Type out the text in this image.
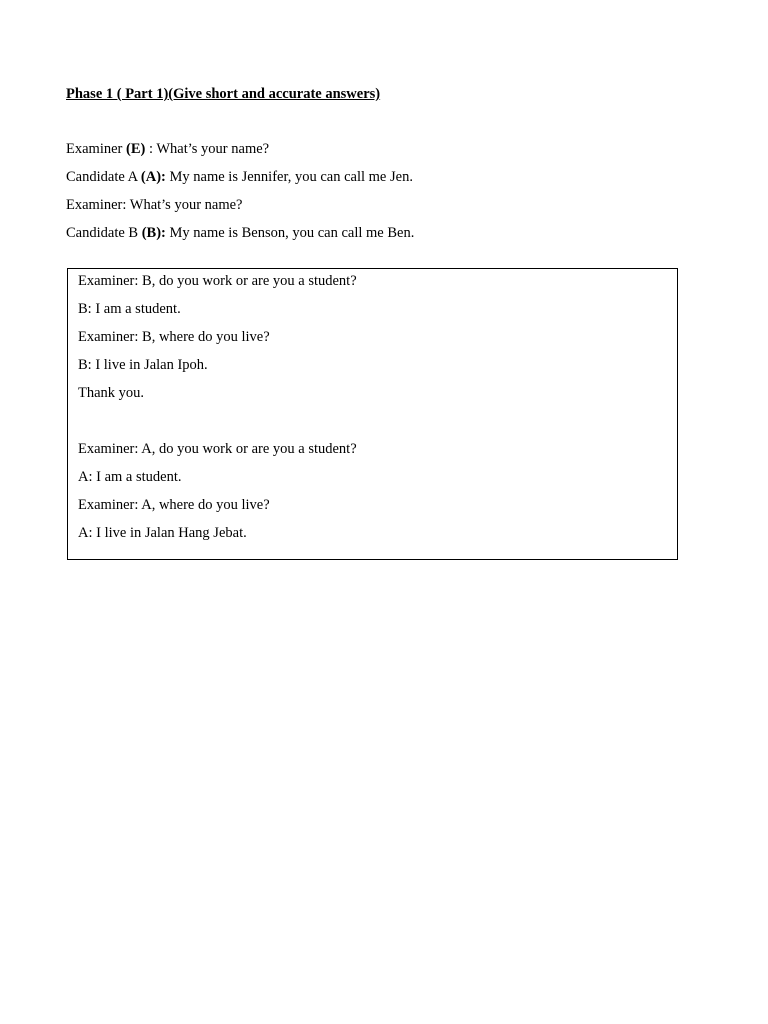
Phase 1 ( Part 1)(Give short and accurate answers)
Examiner (E) : What’s your name?
Candidate A (A): My name is Jennifer, you can call me Jen.
Examiner: What’s your name?
Candidate B (B): My name is Benson, you can call me Ben.
Examiner: B, do you work or are you a student?
B: I am a student.
Examiner: B, where do you live?
B: I live in Jalan Ipoh.
Thank you.
Examiner: A, do you work or are you a student?
A: I am a student.
Examiner: A, where do you live?
A: I live in Jalan Hang Jebat.
